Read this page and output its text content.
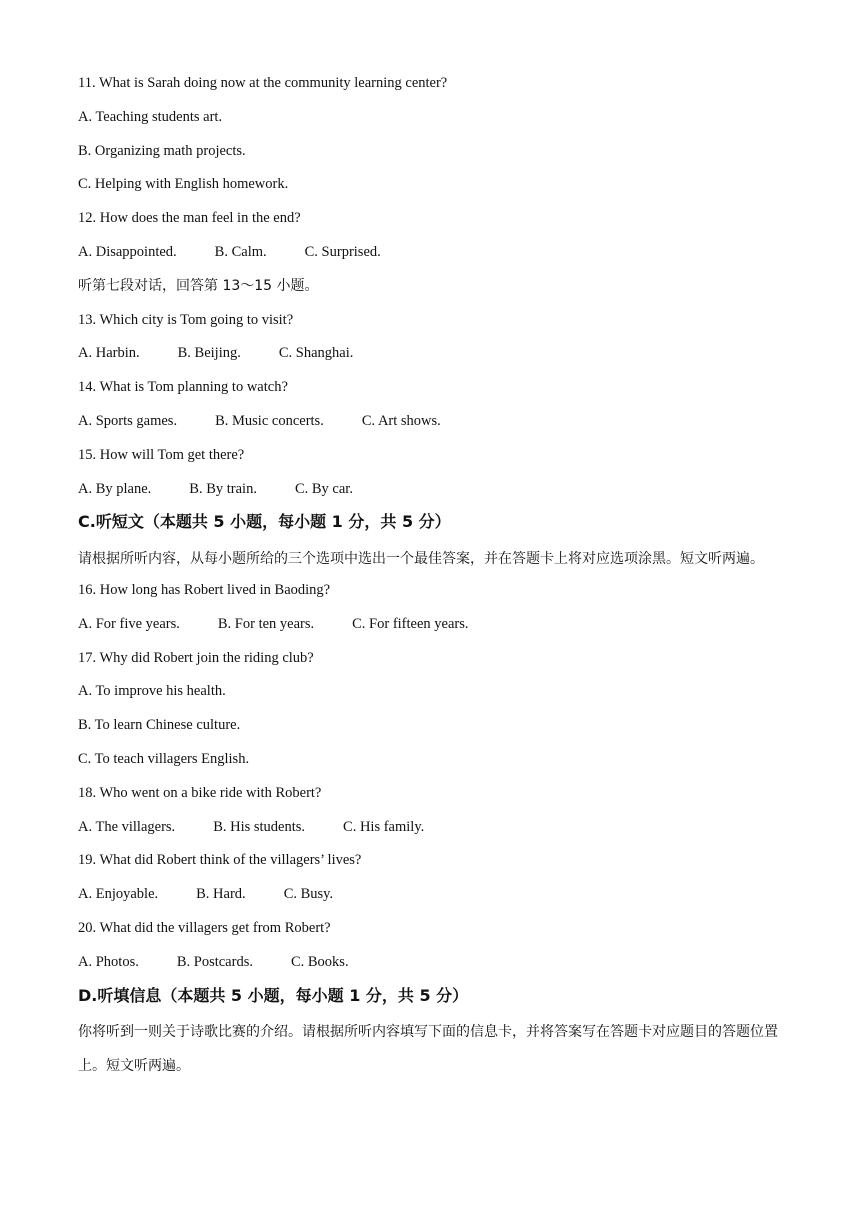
11. What is Sarah doing now at the community learning center?
A. Teaching students art.
B. Organizing math projects.
C. Helping with English homework.
12. How does the man feel in the end?
A. Disappointed.	B. Calm.	C. Surprised.
听第七段对话，回答第 13～15 小题。
13. Which city is Tom going to visit?
A. Harbin.	B. Beijing.	C. Shanghai.
14. What is Tom planning to watch?
A. Sports games.	B. Music concerts.	C. Art shows.
15. How will Tom get there?
A. By plane.	B. By train.	C. By car.
C.听短文（本题共 5 小题，每小题 1 分，共 5 分）
请根据所听内容，从每小题所给的三个选项中选出一个最佳答案，并在答题卡上将对应选项涂黑。短文听两遍。
16. How long has Robert lived in Baoding?
A. For five years.	B. For ten years.	C. For fifteen years.
17. Why did Robert join the riding club?
A. To improve his health.
B. To learn Chinese culture.
C. To teach villagers English.
18. Who went on a bike ride with Robert?
A. The villagers.	B. His students.	C. His family.
19. What did Robert think of the villagers’ lives?
A. Enjoyable.	B. Hard.	C. Busy.
20. What did the villagers get from Robert?
A. Photos.	B. Postcards.	C. Books.
D.听填信息（本题共 5 小题，每小题 1 分，共 5 分）
你将听到一则关于诗歌比赛的介绍。请根据所听内容填写下面的信息卡，并将答案写在答题卡对应题目的答题位置上。短文听两遍。
